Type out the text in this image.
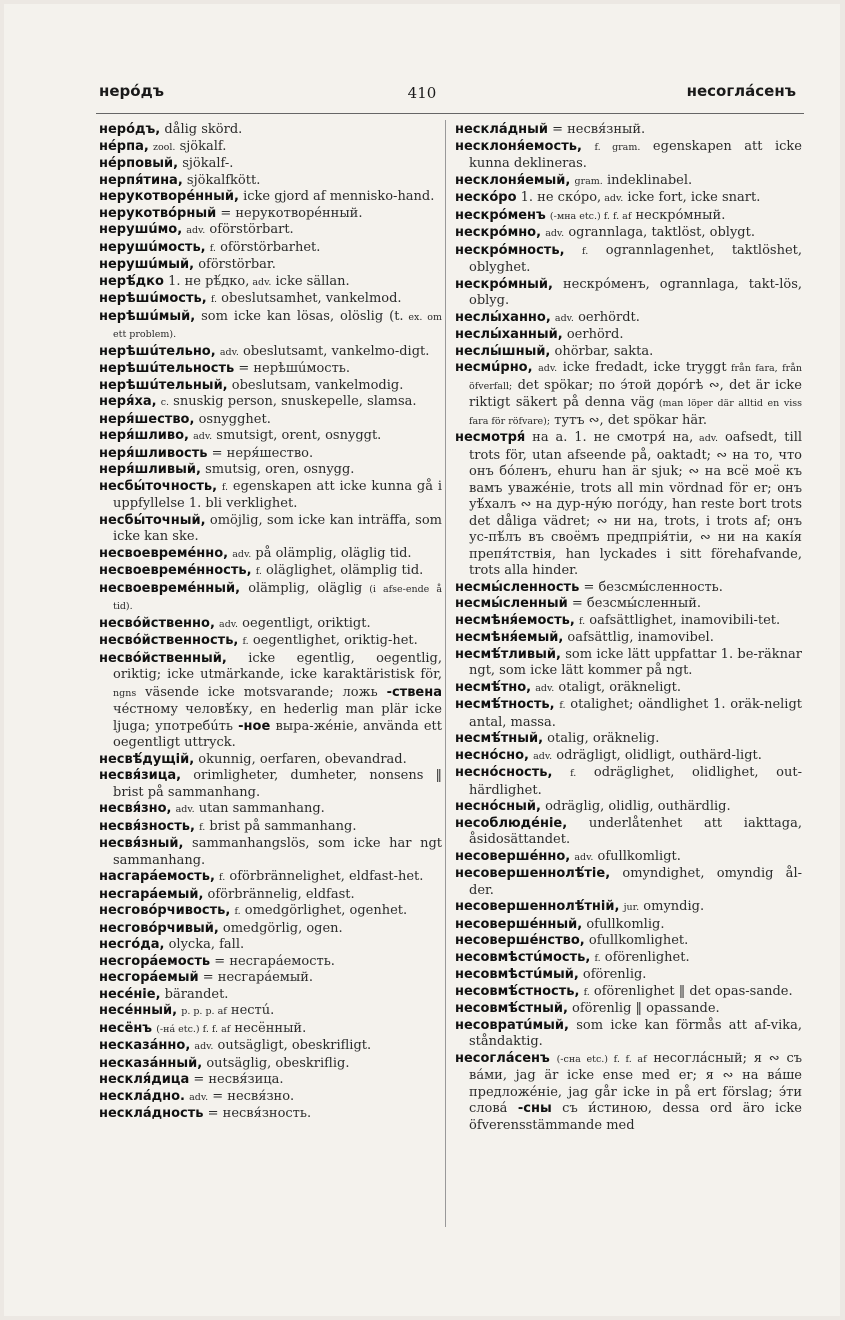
нерóдъ	410	несоглáсенъ

нерóдъ, dålig skörd.

нéрпа, zool. sjökalf.

нéрповый, sjökalf-.

нерпя́тина, sjökalfkött.

нерукотворéнный, icke gjord af mennisko-hand.

нерукотвóрный = нерукотворéнный.

нерушúмо, adv. oförstörbart.

нерушúмость, f. oförstörbarhet.

нерушúмый, oförstörbar.

нерѣ́дко 1. не рѣ́дко, adv. icke sällan.

нерѣшúмость, f. obeslutsamhet, vankelmod.

нерѣшúмый, som icke kan lösas, olöslig (t. ex. om ett problem).

нерѣшúтельно, adv. obeslutsamt, vankelmo-digt.

нерѣшúтельность = нерѣшúмость.

нерѣшúтельный, obeslutsam, vankelmodig.

неря́ха, c. snuskig person, snuskepelle, slamsa.

неря́шество, osnygghet.

неря́шливо, adv. smutsigt, orent, osnyggt.

неря́шливость = неря́шество.

неря́шливый, smutsig, oren, osnygg.

несбы́точность, f. egenskapen att icke kunna gå i uppfyllelse 1. bli verklighet.

несбы́точный, omöjlig, som icke kan inträffa, som icke kan ske.

несвоевремéнно, adv. på olämplig, oläglig tid.

несвоевремéнность, f. oläglighet, olämplig tid.

несвоевремéнный, olämplig, oläglig (i afse-ende å tid).

несвóйственно, adv. oegentligt, oriktigt.

несвóйственность, f. oegentlighet, oriktig-het.

несвóйственный, icke egentlig, oegentlig, oriktig; icke utmärkande, icke karaktäristisk för, ngns väsende icke motsvarande; ложь -ствена чéстному человѣ́ку, en hederlig man plär icke ljuga; употребúть -ное выра-жéніе, använda ett oegentligt uttryck.

несвѣ́дущій, okunnig, oerfaren, obevandrad.

несвя́зица, orimligheter, dumheter, nonsens ‖ brist på sammanhang.

несвя́зно, adv. utan sammanhang.

несвя́зность, f. brist på sammanhang.

несвя́зный, sammanhangslös, som icke har ngt sammanhang.

насгарáемость, f. oförbrännelighet, eldfast-het.

несгарáемый, oförbrännelig, eldfast.

несговóрчивость, f. omedgörlighet, ogenhet.

несговóрчивый, omedgörlig, ogen.

несгóда, olycka, fall.

несгорáемость = несгарáемость.

несгорáемый = несгарáемый.

несéніе, bärandet.

несéнный, p. p. p. af нестú.

несёнъ (-нá etc.) f. f. af несённый.

несказáнно, adv. outsägligt, obeskrifligt.

несказáнный, outsäglig, obeskriflig.

нескля́дица = несвя́зица.

несклáдно. adv. = несвя́зно.

несклáдность = несвя́зность.

несклáдный = несвя́зный.

несклоня́емость, f. gram. egenskapen att icke kunna deklineras.

несклоня́емый, gram. indeklinabel.

нескóро 1. не скóро, adv. icke fort, icke snart.

нескрóменъ (-мна etc.) f. f. af нескрóмный.

нескрóмно, adv. ogrannlaga, taktlöst, oblygt.

нескрóмность, f. ogrannlagenhet, taktlöshet, oblyghet.

нескрóмный, нескрóменъ, ogrannlaga, takt-lös, oblyg.

неслы́ханно, adv. oerhördt.

неслы́ханный, oerhörd.

неслы́шный, ohörbar, sakta.

несмúрно, adv. icke fredadt, icke tryggt från fara, från öfverfall; det spökar; по э́той дорóгѣ ∾, det är icke riktigt säkert på denna väg (man löper där alltid en viss fara för röfvare); тутъ ∾, det spökar här.

несмотря́ на a. 1. не смотря́ на, adv. oafsedt, till trots för, utan afseende på, oaktadt; ∾ на то, что онъ бóленъ, ehuru han är sjuk; ∾ на всё моё къ вамъ уважéніе, trots all min vördnad för er; онъ уѣ́халъ ∾ на дур-нýю погóду, han reste bort trots det dåliga vädret; ∾ ни на, trots, i trots af; онъ ус-пѣ́лъ въ своёмъ предпрія́тіи, ∾ ни на кaкíя препя́тствія, han lyckades i sitt förehafvande, trots alla hinder.

несмы́сленность = безсмы́сленность.

несмы́сленный = безсмы́сленный.

несмѣня́емость, f. oafsättlighet, inamovibili-tet.

несмѣня́емый, oafsättlig, inamovibel.

несмѣ́тливый, som icke lätt uppfattar 1. be-räknar ngt, som icke lätt kommer på ngt.

несмѣ́тно, adv. otaligt, oräkneligt.

несмѣ́тность, f. otalighet; oändlighet 1. oräk-neligt antal, massa.

несмѣ́тный, otalig, oräknelig.

неснóсно, adv. odrägligt, olidligt, outhärd-ligt.

неснóсность, f. odräglighet, olidlighet, out-härdlighet.

неснóсный, odräglig, olidlig, outhärdlig.

несоблюдéніе, underlåtenhet att iakttaga, åsidosättandet.

несовершéнно, adv. ofullkomligt.

несовершеннолѣ́тіе, omyndighet, omyndig ål-der.

несовершеннолѣ́тній, jur. omyndig.

несовершéнный, ofullkomlig.

несовершéнство, ofullkomlighet.

несовмѣстúмость, f. oförenlighet.

несовмѣстúмый, oförenlig.

несовмѣ́стность, f. oförenlighet ‖ det opas-sande.

несовмѣ́стный, oförenlig ‖ opassande.

несовратúмый, som icke kan förmås att af-vika, ståndaktig.

несоглáсенъ (-сна etc.) f. f. af несоглáсный; я ∾ съ вáми, jag är icke ense med er; я ∾ на вáше предложéніе, jag går icke in på ert förslag; э́ти словá -сны съ и́стиною, dessa ord äro icke öfverensstämmande med
